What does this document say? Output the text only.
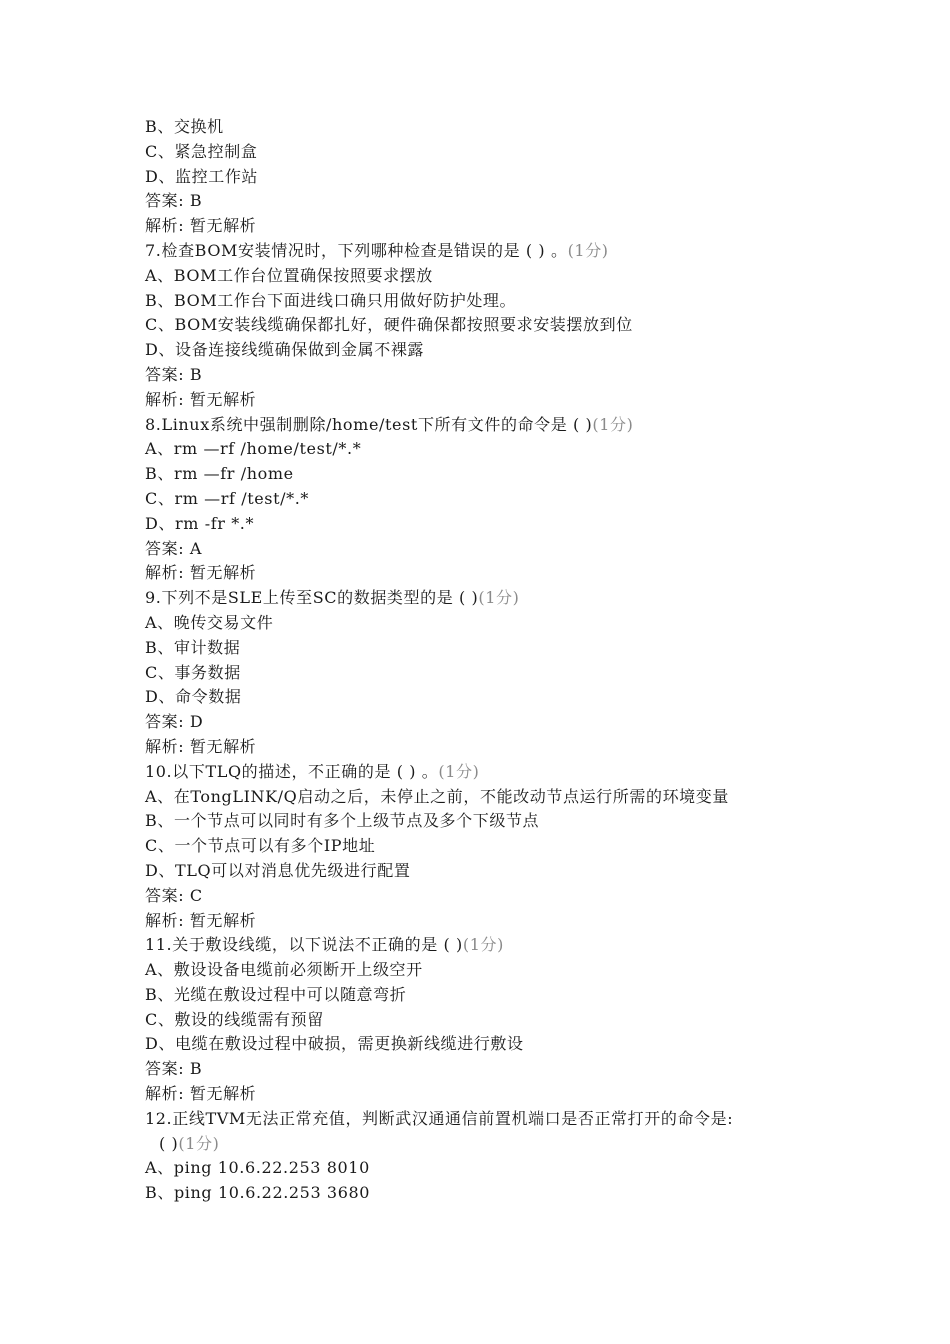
B、交换机
C、紧急控制盒
D、监控工作站
答案: B
解析: 暂无解析
7.检查BOM安装情况时，下列哪种检查是错误的是 ( ) 。(1分)
A、BOM工作台位置确保按照要求摆放
B、BOM工作台下面进线口确只用做好防护处理。
C、BOM安装线缆确保都扎好，硬件确保都按照要求安装摆放到位
D、设备连接线缆确保做到金属不裸露
答案: B
解析: 暂无解析
8.Linux系统中强制删除/home/test下所有文件的命令是 ( )(1分)
A、rm —rf /home/test/*.*
B、rm —fr /home
C、rm —rf /test/*.*
D、rm -fr *.*
答案: A
解析: 暂无解析
9.下列不是SLE上传至SC的数据类型的是 ( )(1分)
A、晚传交易文件
B、审计数据
C、事务数据
D、命令数据
答案: D
解析: 暂无解析
10.以下TLQ的描述，不正确的是 ( ) 。(1分)
A、在TongLINK/Q启动之后，未停止之前，不能改动节点运行所需的环境变量
B、一个节点可以同时有多个上级节点及多个下级节点
C、一个节点可以有多个IP地址
D、TLQ可以对消息优先级进行配置
答案: C
解析: 暂无解析
11.关于敷设线缆，以下说法不正确的是 ( )(1分)
A、敷设设备电缆前必须断开上级空开
B、光缆在敷设过程中可以随意弯折
C、敷设的线缆需有预留
D、电缆在敷设过程中破损，需更换新线缆进行敷设
答案: B
解析: 暂无解析
12.正线TVM无法正常充值，判断武汉通通信前置机端口是否正常打开的命令是:
( )(1分)
A、ping 10.6.22.253 8010
B、ping 10.6.22.253 3680
